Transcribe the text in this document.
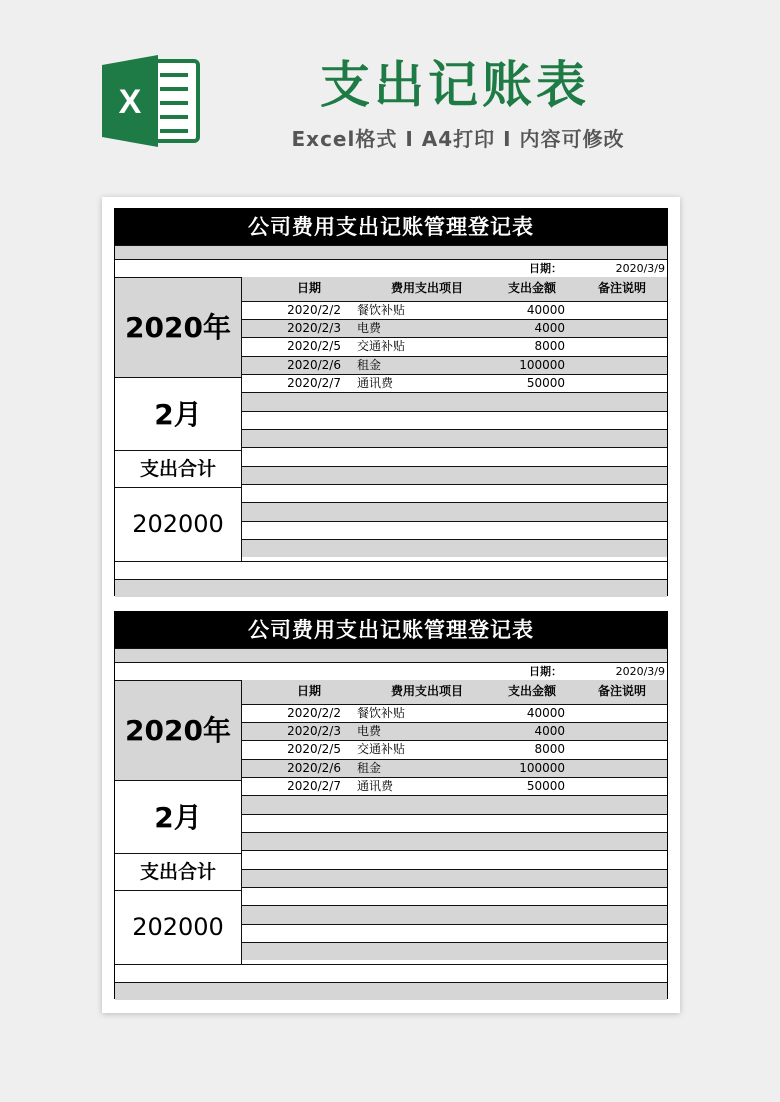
X	支出记账表
Excel格式 I A4打印 I 内容可修改
公司费用支出记账管理登记表
日期：	2020/3/9
2020年
2月
支出合计
202000
日期	费用支出项目	支出金额	备注说明
2020/2/2 餐饮补贴	40000
2020/2/3 电费	4000
2020/2/5 交通补贴	8000
2020/2/6 租金	100000
2020/2/7 通讯费	50000
公司费用支出记账管理登记表
日期：	2020/3/9
2020年
2月
支出合计
202000
日期	费用支出项目	支出金额	备注说明
2020/2/2 餐饮补贴	40000
2020/2/3 电费	4000
2020/2/5 交通补贴	8000
2020/2/6 租金	100000
2020/2/7 通讯费	50000
